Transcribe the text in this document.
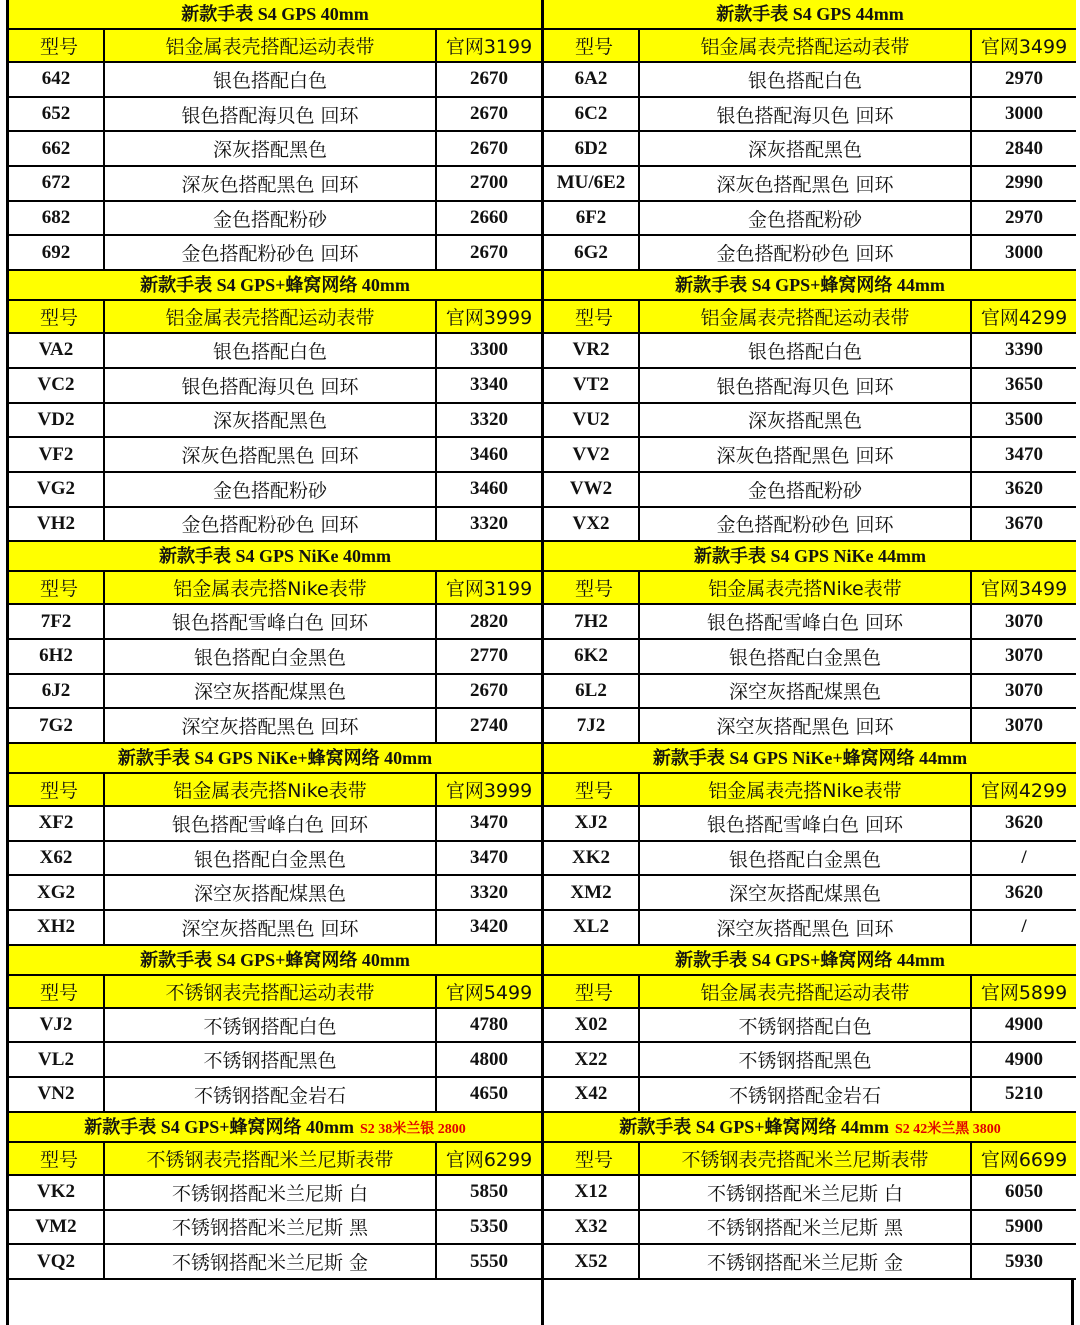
新款手表 S4 GPS 40mm
型号	铝金属表壳搭配运动表带	官网3199
642	银色搭配白色	2670
652	银色搭配海贝色 回环	2670
662	深灰搭配黑色	2670
672	深灰色搭配黑色 回环	2700
682	金色搭配粉砂	2660
692	金色搭配粉砂色 回环	2670
新款手表 S4 GPS+蜂窝网络 40mm
型号	铝金属表壳搭配运动表带	官网3999
VA2	银色搭配白色	3300
VC2	银色搭配海贝色 回环	3340
VD2	深灰搭配黑色	3320
VF2	深灰色搭配黑色 回环	3460
VG2	金色搭配粉砂	3460
VH2	金色搭配粉砂色 回环	3320
新款手表 S4 GPS NiKe 40mm
型号	铝金属表壳搭Nike表带	官网3199
7F2	银色搭配雪峰白色 回环	2820
6H2	银色搭配白金黑色	2770
6J2	深空灰搭配煤黑色	2670
7G2	深空灰搭配黑色 回环	2740
新款手表 S4 GPS NiKe+蜂窝网络 40mm
型号	铝金属表壳搭Nike表带	官网3999
XF2	银色搭配雪峰白色 回环	3470
X62	银色搭配白金黑色	3470
XG2	深空灰搭配煤黑色	3320
XH2	深空灰搭配黑色 回环	3420
新款手表 S4 GPS+蜂窝网络 40mm
型号	不锈钢表壳搭配运动表带	官网5499
VJ2	不锈钢搭配白色	4780
VL2	不锈钢搭配黑色	4800
VN2	不锈钢搭配金岩石	4650
新款手表 S4 GPS+蜂窝网络 40mm S2 38米兰银 2800
型号	不锈钢表壳搭配米兰尼斯表带	官网6299
VK2	不锈钢搭配米兰尼斯 白	5850
VM2	不锈钢搭配米兰尼斯 黑	5350
VQ2	不锈钢搭配米兰尼斯 金	5550
新款手表 S4 GPS 44mm
型号	铝金属表壳搭配运动表带	官网3499
6A2	银色搭配白色	2970
6C2	银色搭配海贝色 回环	3000
6D2	深灰搭配黑色	2840
MU/6E2	深灰色搭配黑色 回环	2990
6F2	金色搭配粉砂	2970
6G2	金色搭配粉砂色 回环	3000
新款手表 S4 GPS+蜂窝网络 44mm
型号	铝金属表壳搭配运动表带	官网4299
VR2	银色搭配白色	3390
VT2	银色搭配海贝色 回环	3650
VU2	深灰搭配黑色	3500
VV2	深灰色搭配黑色 回环	3470
VW2	金色搭配粉砂	3620
VX2	金色搭配粉砂色 回环	3670
新款手表 S4 GPS NiKe 44mm
型号	铝金属表壳搭Nike表带	官网3499
7H2	银色搭配雪峰白色 回环	3070
6K2	银色搭配白金黑色	3070
6L2	深空灰搭配煤黑色	3070
7J2	深空灰搭配黑色 回环	3070
新款手表 S4 GPS NiKe+蜂窝网络 44mm
型号	铝金属表壳搭Nike表带	官网4299
XJ2	银色搭配雪峰白色 回环	3620
XK2	银色搭配白金黑色	/
XM2	深空灰搭配煤黑色	3620
XL2	深空灰搭配黑色 回环	/
新款手表 S4 GPS+蜂窝网络 44mm
型号	铝金属表壳搭配运动表带	官网5899
X02	不锈钢搭配白色	4900
X22	不锈钢搭配黑色	4900
X42	不锈钢搭配金岩石	5210
新款手表 S4 GPS+蜂窝网络 44mm S2 42米兰黑 3800
型号	不锈钢表壳搭配米兰尼斯表带	官网6699
X12	不锈钢搭配米兰尼斯 白	6050
X32	不锈钢搭配米兰尼斯 黑	5900
X52	不锈钢搭配米兰尼斯 金	5930
